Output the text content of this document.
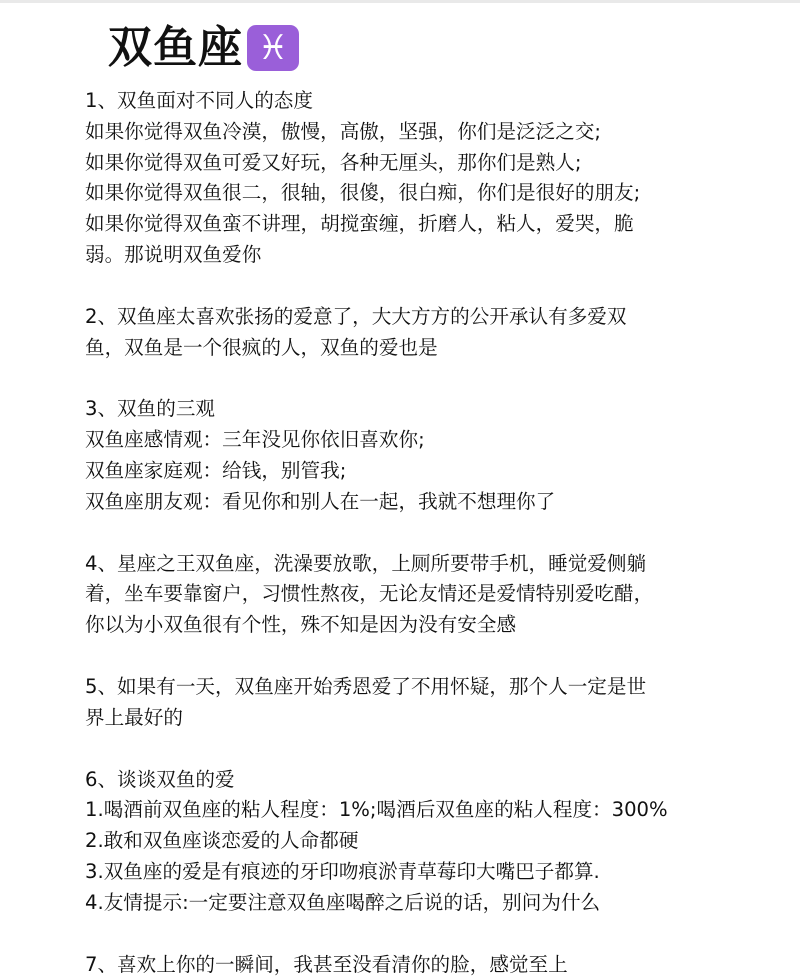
双鱼座 ♓
1、双鱼面对不同人的态度
如果你觉得双鱼冷漠，傲慢，高傲，坚强，你们是泛泛之交;
如果你觉得双鱼可爱又好玩，各种无厘头，那你们是熟人;
如果你觉得双鱼很二，很轴，很傻，很白痴，你们是很好的朋友;
如果你觉得双鱼蛮不讲理，胡搅蛮缠，折磨人，粘人，爱哭，脆
弱。那说明双鱼爱你
2、双鱼座太喜欢张扬的爱意了，大大方方的公开承认有多爱双
鱼，双鱼是一个很疯的人，双鱼的爱也是
3、双鱼的三观
双鱼座感情观：三年没见你依旧喜欢你;
双鱼座家庭观：给钱，别管我;
双鱼座朋友观：看见你和别人在一起，我就不想理你了
4、星座之王双鱼座，洗澡要放歌，上厕所要带手机，睡觉爱侧躺
着，坐车要靠窗户，习惯性熬夜，无论友情还是爱情特别爱吃醋，
你以为小双鱼很有个性，殊不知是因为没有安全感
5、如果有一天，双鱼座开始秀恩爱了不用怀疑，那个人一定是世
界上最好的
6、谈谈双鱼的爱
1.喝酒前双鱼座的粘人程度：1%;喝酒后双鱼座的粘人程度：300%
2.敢和双鱼座谈恋爱的人命都硬
3.双鱼座的爱是有痕迹的牙印吻痕淤青草莓印大嘴巴子都算.
4.友情提示:一定要注意双鱼座喝醉之后说的话，别问为什么
7、喜欢上你的一瞬间，我甚至没看清你的脸，感觉至上
